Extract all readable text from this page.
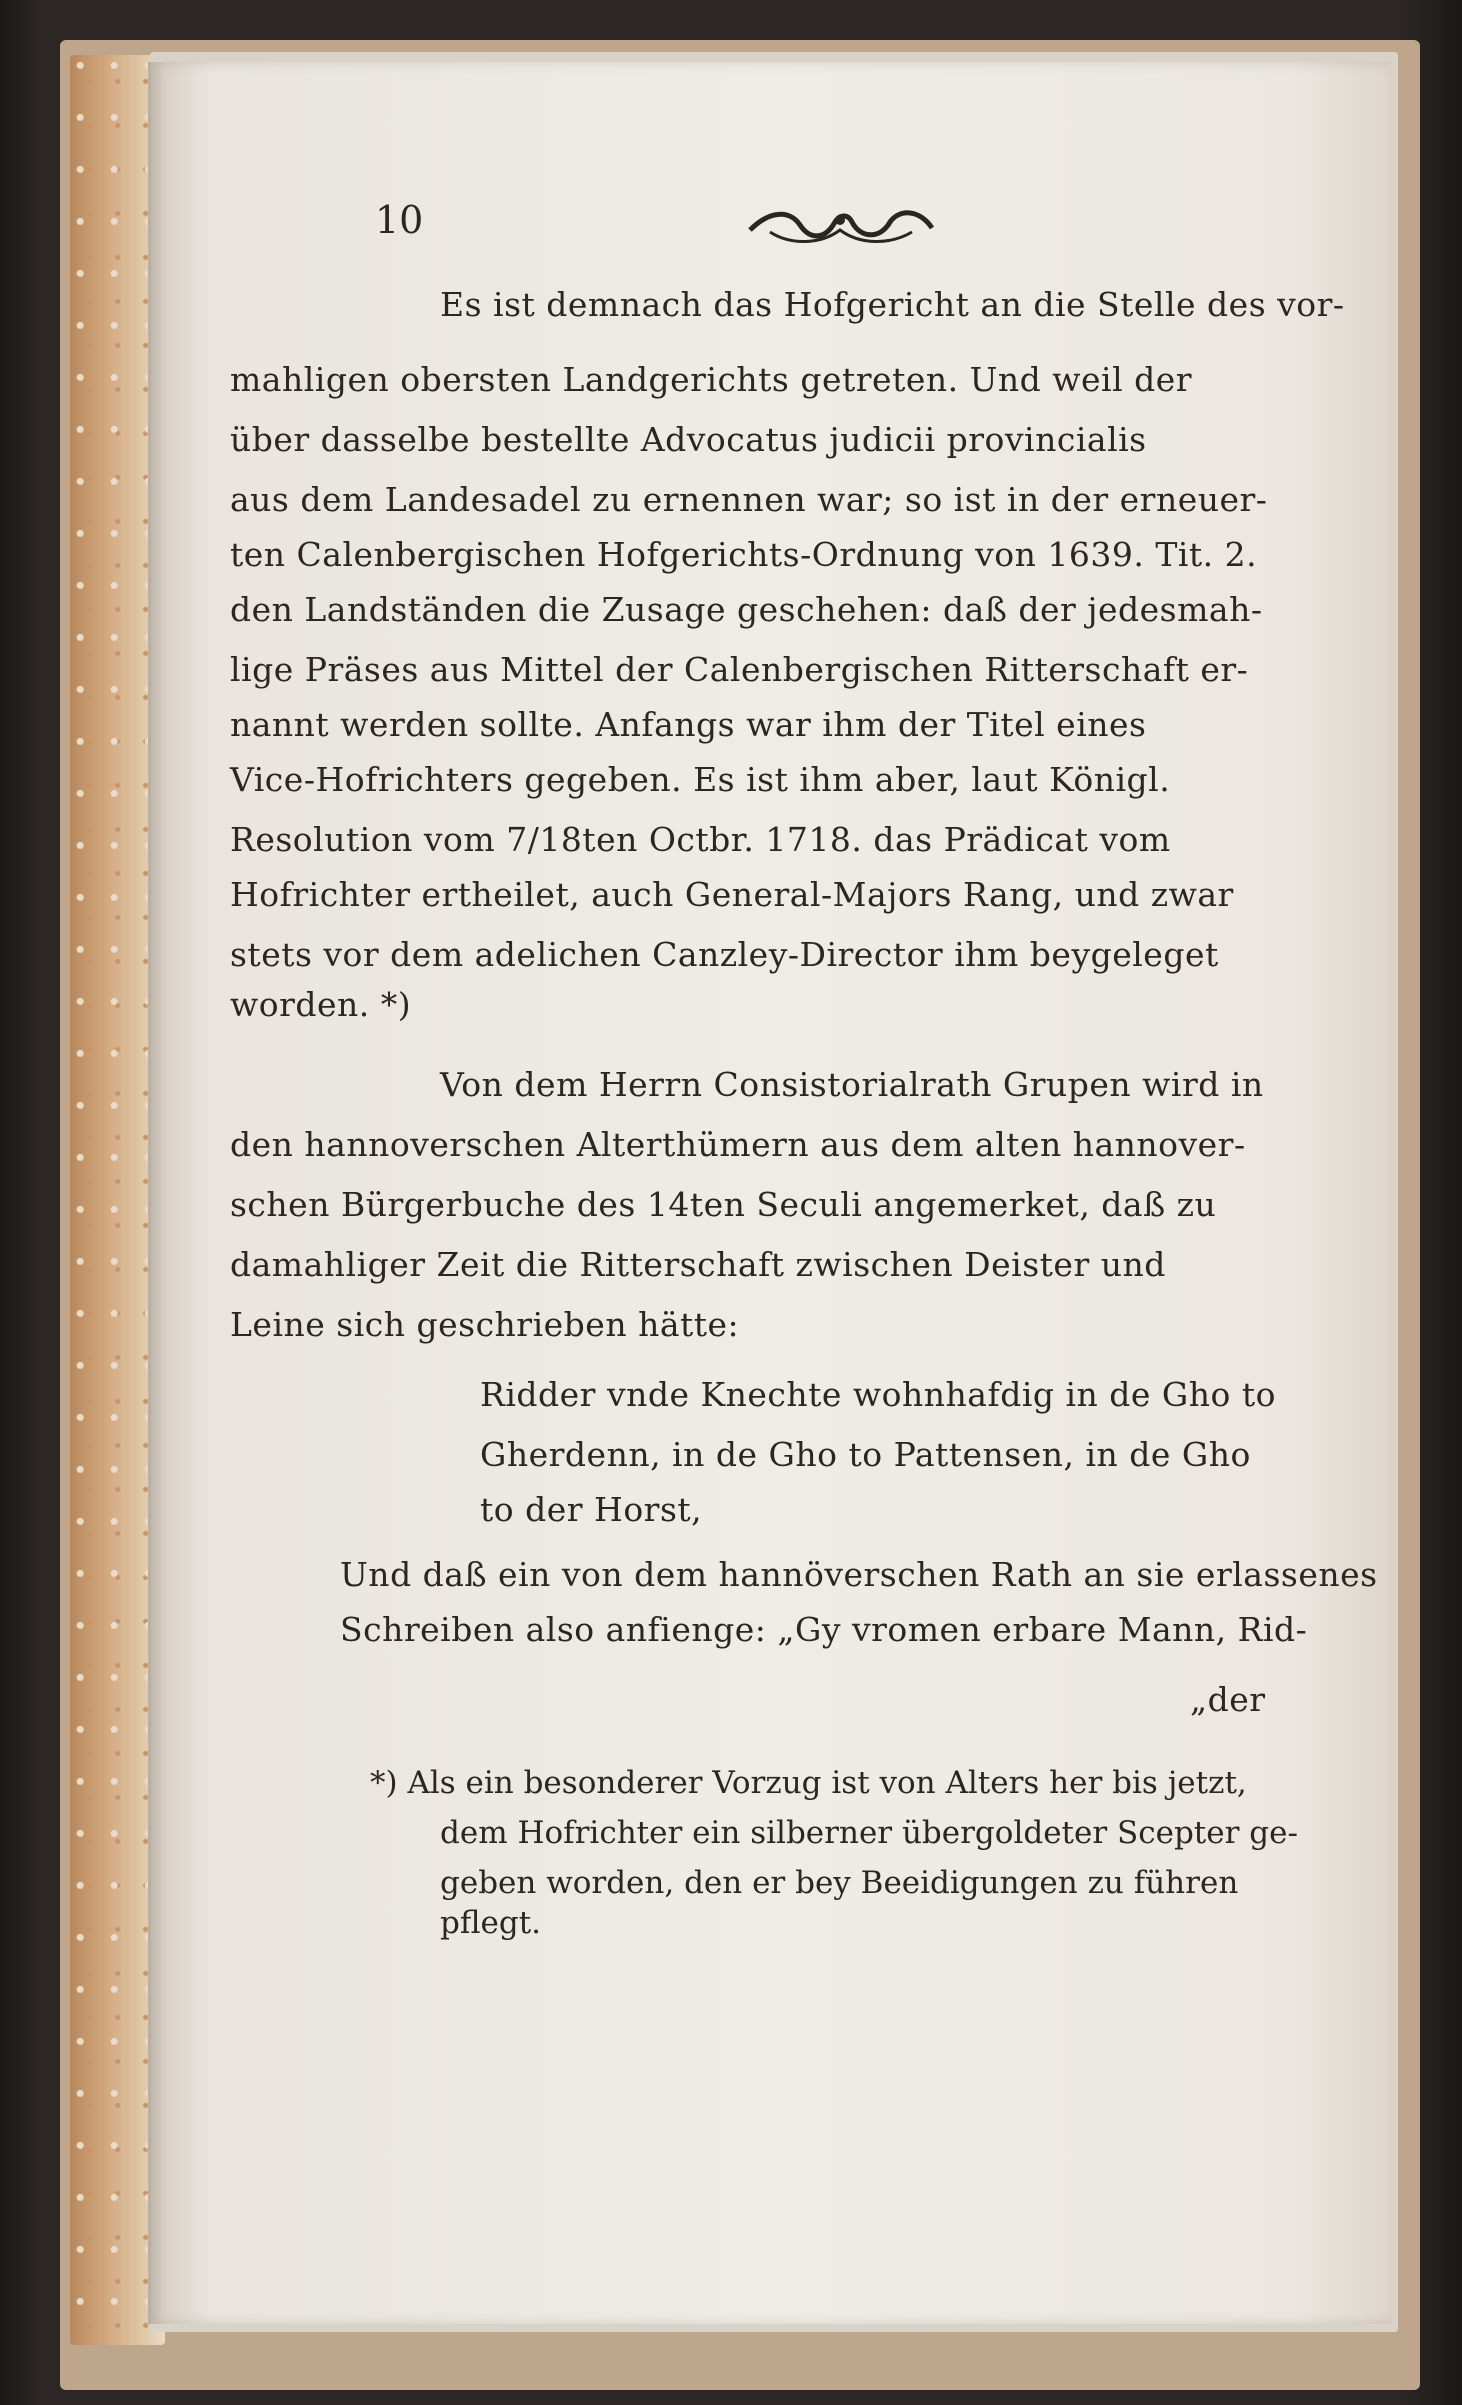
10
Es ist demnach das Hofgericht an die Stelle des vor-
mahligen obersten Landgerichts getreten. Und weil der
über dasselbe bestellte Advocatus judicii provincialis
aus dem Landesadel zu ernennen war; so ist in der erneuer-
ten Calenbergischen Hofgerichts-Ordnung von 1639. Tit. 2.
den Landständen die Zusage geschehen: daß der jedesmah-
lige Präses aus Mittel der Calenbergischen Ritterschaft er-
nannt werden sollte. Anfangs war ihm der Titel eines
Vice-Hofrichters gegeben. Es ist ihm aber, laut Königl.
Resolution vom 7/18ten Octbr. 1718. das Prädicat vom
Hofrichter ertheilet, auch General-Majors Rang, und zwar
stets vor dem adelichen Canzley-Director ihm beygeleget
worden. *)
Von dem Herrn Consistorialrath Grupen wird in
den hannoverschen Alterthümern aus dem alten hannover-
schen Bürgerbuche des 14ten Seculi angemerket, daß zu
damahliger Zeit die Ritterschaft zwischen Deister und
Leine sich geschrieben hätte:
Ridder vnde Knechte wohnhafdig in de Gho to
Gherdenn, in de Gho to Pattensen, in de Gho
to der Horst,
Und daß ein von dem hannöverschen Rath an sie erlassenes
Schreiben also anfienge: „Gy vromen erbare Mann, Rid-
„der
*) Als ein besonderer Vorzug ist von Alters her bis jetzt,
dem Hofrichter ein silberner übergoldeter Scepter ge-
geben worden, den er bey Beeidigungen zu führen
pflegt.
